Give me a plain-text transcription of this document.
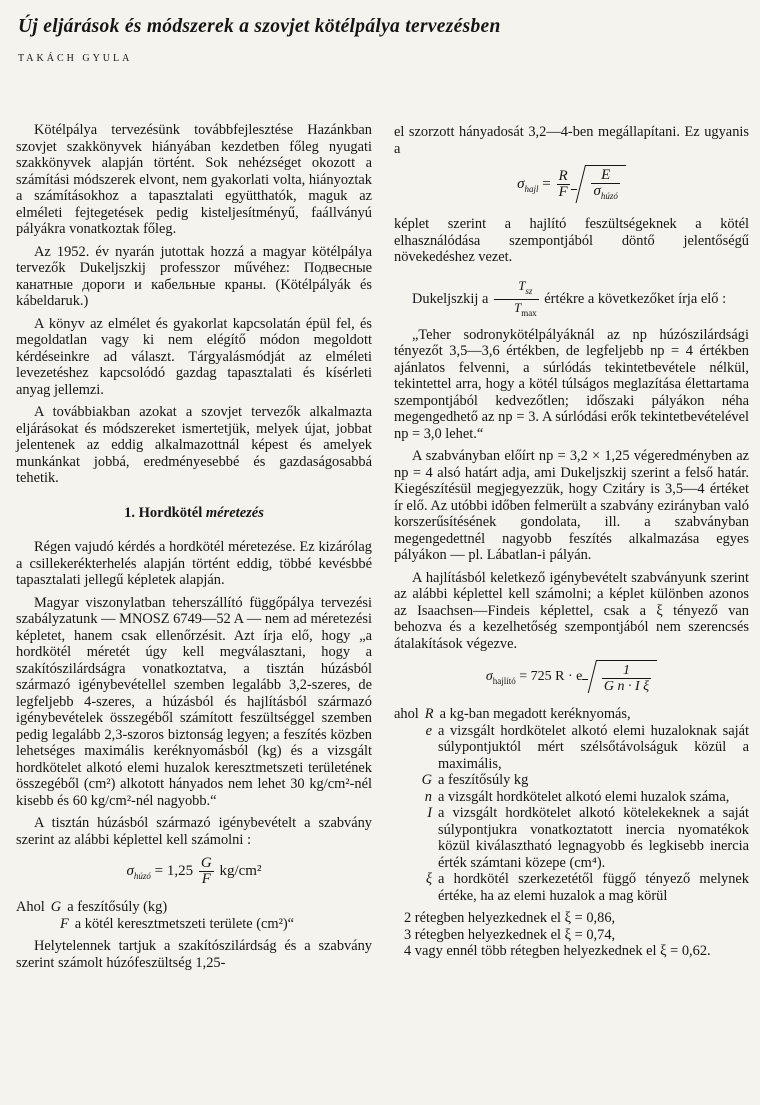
Új eljárások és módszerek a szovjet kötélpálya tervezésben
TAKÁCH GYULA

Kötélpálya tervezésünk továbbfejlesztése Hazánkban szovjet szakkönyvek hiányában kezdetben főleg nyugati szakkönyvek alapján történt. Sok nehézséget okozott a számítási módszerek elvont, nem gyakorlati volta, hiányoztak a számításokhoz a tapasztalati együtthatók, maguk az elméleti fejtegetések pedig kisteljesítményű, faállványú pályákra vonatkoztak főleg.

Az 1952. év nyarán jutottak hozzá a magyar kötélpálya tervezők Dukeljszkij professzor művéhez: Подвесные канатные дороги и кабельные краны. (Kötélpályák és kábeldaruk.)

A könyv az elmélet és gyakorlat kapcsolatán épül fel, és megoldatlan vagy ki nem elégítő módon megoldott kérdéseinkre ad választ. Tárgyalásmódját az elméleti levezetéshez kapcsolódó gazdag tapasztalati és kísérleti anyag jellemzi.

A továbbiakban azokat a szovjet tervezők alkalmazta eljárásokat és módszereket ismertetjük, melyek újat, jobbat jelentenek az eddig alkalmazottnál képest és amelyek munkánkat jobbá, eredményesebbé és gazdaságosabbá tehetik.

1. Hordkötél méretezés

Régen vajudó kérdés a hordkötél méretezése. Ez kizárólag a csillekerékterhelés alapján történt eddig, többé kevésbbé tapasztalati jellegű képletek alapján.

Magyar viszonylatban teherszállító függőpálya tervezési szabályzatunk — MNOSZ 6749—52 A — nem ad méretezési képletet, hanem csak ellenőrzésit. Azt írja elő, hogy „a hordkötél méretét úgy kell megválasztani, hogy a szakítószilárdságra vonatkoztatva, a tisztán húzásból származó igénybevétellel szemben legalább 3,2-szeres, de legfeljebb 4-szeres, a húzásból és hajlításból származó igénybevételek összegéből számított feszültséggel szemben pedig legalább 2,3-szoros biztonság legyen; a feszítés közben lehetséges maximális keréknyomásból (kg) és a vizsgált hordkötelet alkotó elemi huzalok keresztmetszeti területének összegéből (cm²) alkotott hányados nem lehet 30 kg/cm²-nél kisebb és 60 kg/cm²-nél nagyobb.“

A tisztán húzásból származó igénybevételt a szabvány szerint az alábbi képlettel kell számolni :

$\sigma_{húzó} = 1,25 \frac{G}{F} kg/cm^2$
Ahol G a feszítősúly (kg)
F a kötél keresztmetszeti területe (cm²)“

Helytelennek tartjuk a szakítószilárdság és a szabvány szerint számolt húzófeszültség 1,25-

el szorzott hányadosát 3,2—4-ben megállapítani. Ez ugyanis a

$\sigma_{hajl} = \frac{R}{F}$
$\frac{E}{\sigma_{húzó}}$

képlet szerint a hajlító feszültségeknek a kötél elhasználódása szempontjából döntő jelentőségű növekedéshez vezet.

Dukeljszkij a $\frac{T_{sz}}{T_{max}}$ értékre a következőket írja elő :

„Teher sodronykötélpályáknál az np húzószilárdsági tényezőt 3,5—3,6 értékben, de legfeljebb np = 4 értékben ajánlatos felvenni, a súrlódás tekintetbevétele nélkül, tekintettel arra, hogy a kötél túlságos meglazítása élettartama szempontjából kedvezőtlen; időszaki pályákon néha megengedhető az np = 3. A súrlódási erők tekintetbevételével np = 3,0 lehet.“

A szabványban előírt np = 3,2 × 1,25 végeredményben az np = 4 alsó határt adja, ami Dukeljszkij szerint a felső határ. Kiegészítésül megjegyezzük, hogy Czitáry is 3,5—4 értéket ír elő. Az utóbbi időben felmerült a szabvány ezirányban való korszerűsítésének gondolata, ill. a szabványban megengedettnél nagyobb feszítés alkalmazása egyes pályákon — pl. Lábatlan-i pályán.

A hajlításból keletkező igénybevételt szabványunk szerint az alábbi képlettel kell számolni; a képlet különben azonos az Isaachsen—Findeis képlettel, csak a ξ tényező van behozva és a kezelhetőség szempontjából nem szerencsés átalakítások végezve.

$\sigma_{hajlító} = 725$ R · e $\frac{1}{\text{G n · I ξ}}$
ahol R a kg-ban megadott keréknyomás,
e a vizsgált hordkötelet alkotó elemi huzaloknak saját súlypontjuktól mért szélsőtávolságuk közül a maximális,
G a feszítősúly kg
n a vizsgált hordkötelet alkotó elemi huzalok száma,
I a vizsgált hordkötelet alkotó kötelekeknek a saját súlypontjukra vonatkoztatott inercia nyomatékok közül kiválasztható legnagyobb és legkisebb inercia érték számtani közepe (cm⁴).
ξ a hordkötél szerkezetétől függő tényező melynek értéke, ha az elemi huzalok a mag körül
2 rétegben helyezkednek el ξ = 0,86,
3 rétegben helyezkednek el ξ = 0,74,
4 vagy ennél több rétegben helyezkednek el ξ = 0,62.
